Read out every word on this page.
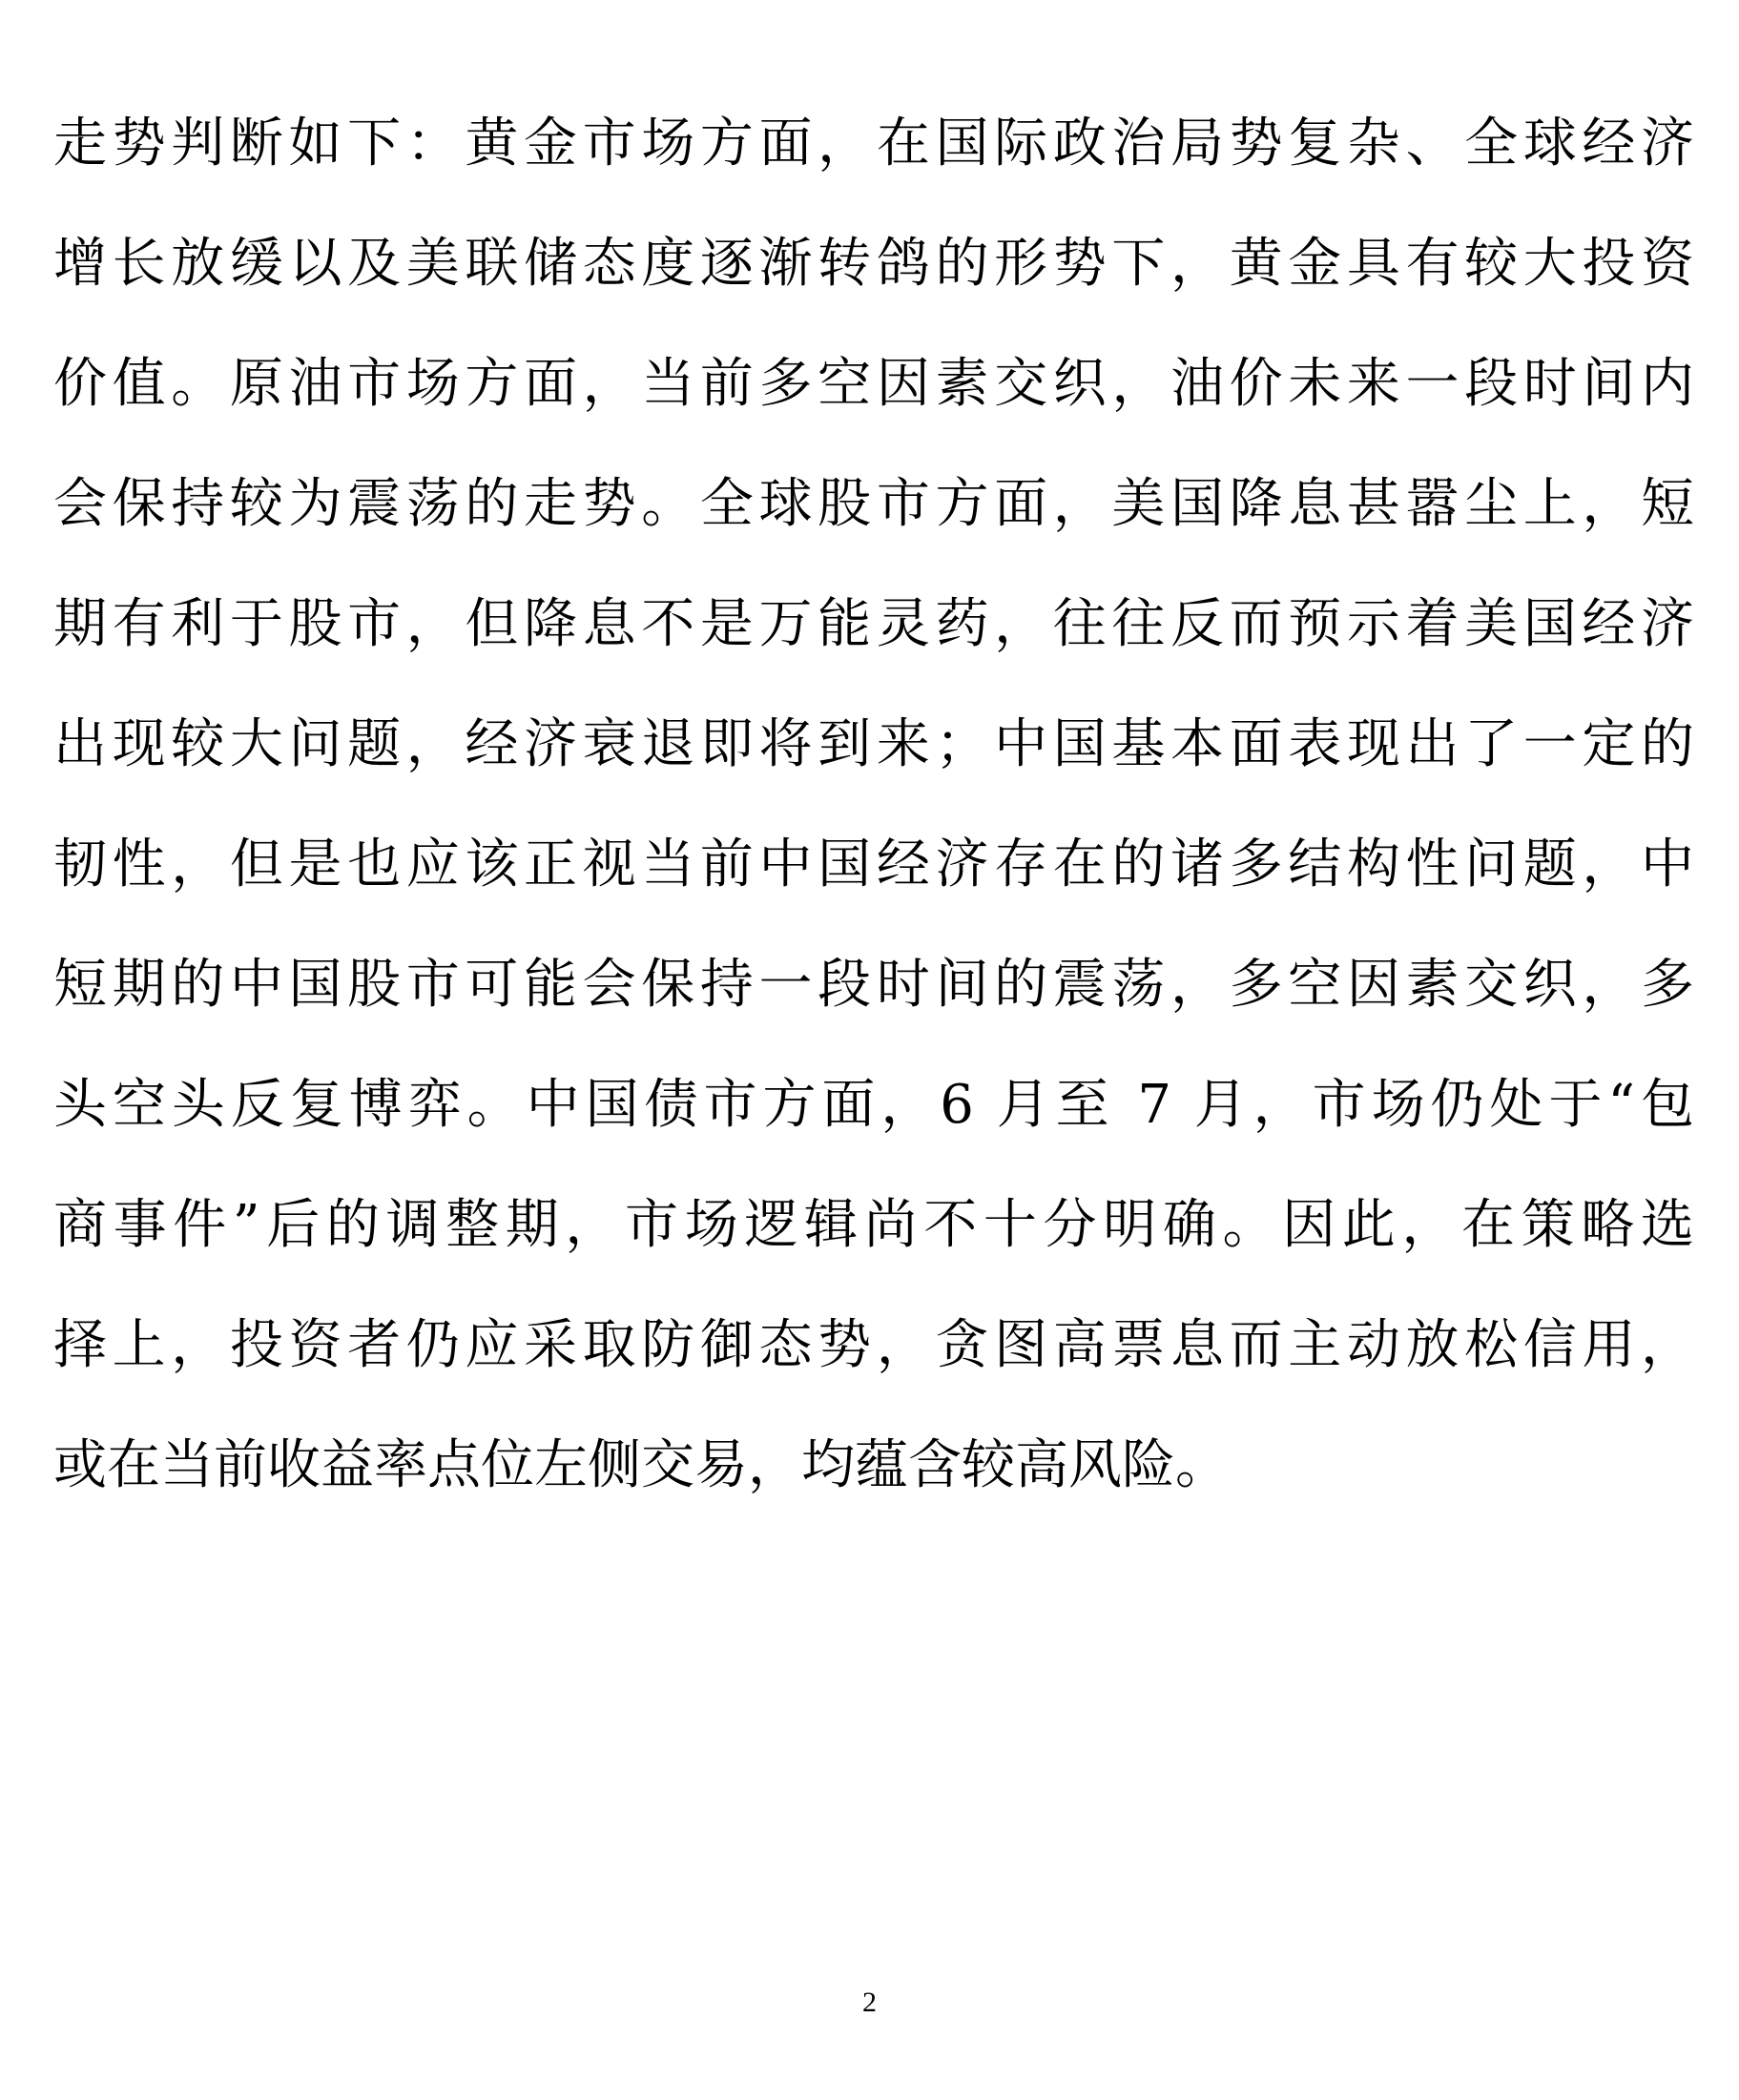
走势判断如下：黄金市场方面，在国际政治局势复杂、全球经济
增长放缓以及美联储态度逐渐转鸽的形势下，黄金具有较大投资
价值。原油市场方面，当前多空因素交织，油价未来一段时间内
会保持较为震荡的走势。全球股市方面，美国降息甚嚣尘上，短
期有利于股市，但降息不是万能灵药，往往反而预示着美国经济
出现较大问题，经济衰退即将到来；中国基本面表现出了一定的
韧性，但是也应该正视当前中国经济存在的诸多结构性问题，中
短期的中国股市可能会保持一段时间的震荡，多空因素交织，多
头空头反复博弈。中国债市方面，6 月至 7 月，市场仍处于“包
商事件”后的调整期，市场逻辑尚不十分明确。因此，在策略选
择上，投资者仍应采取防御态势，贪图高票息而主动放松信用，
或在当前收益率点位左侧交易，均蕴含较高风险。
2
